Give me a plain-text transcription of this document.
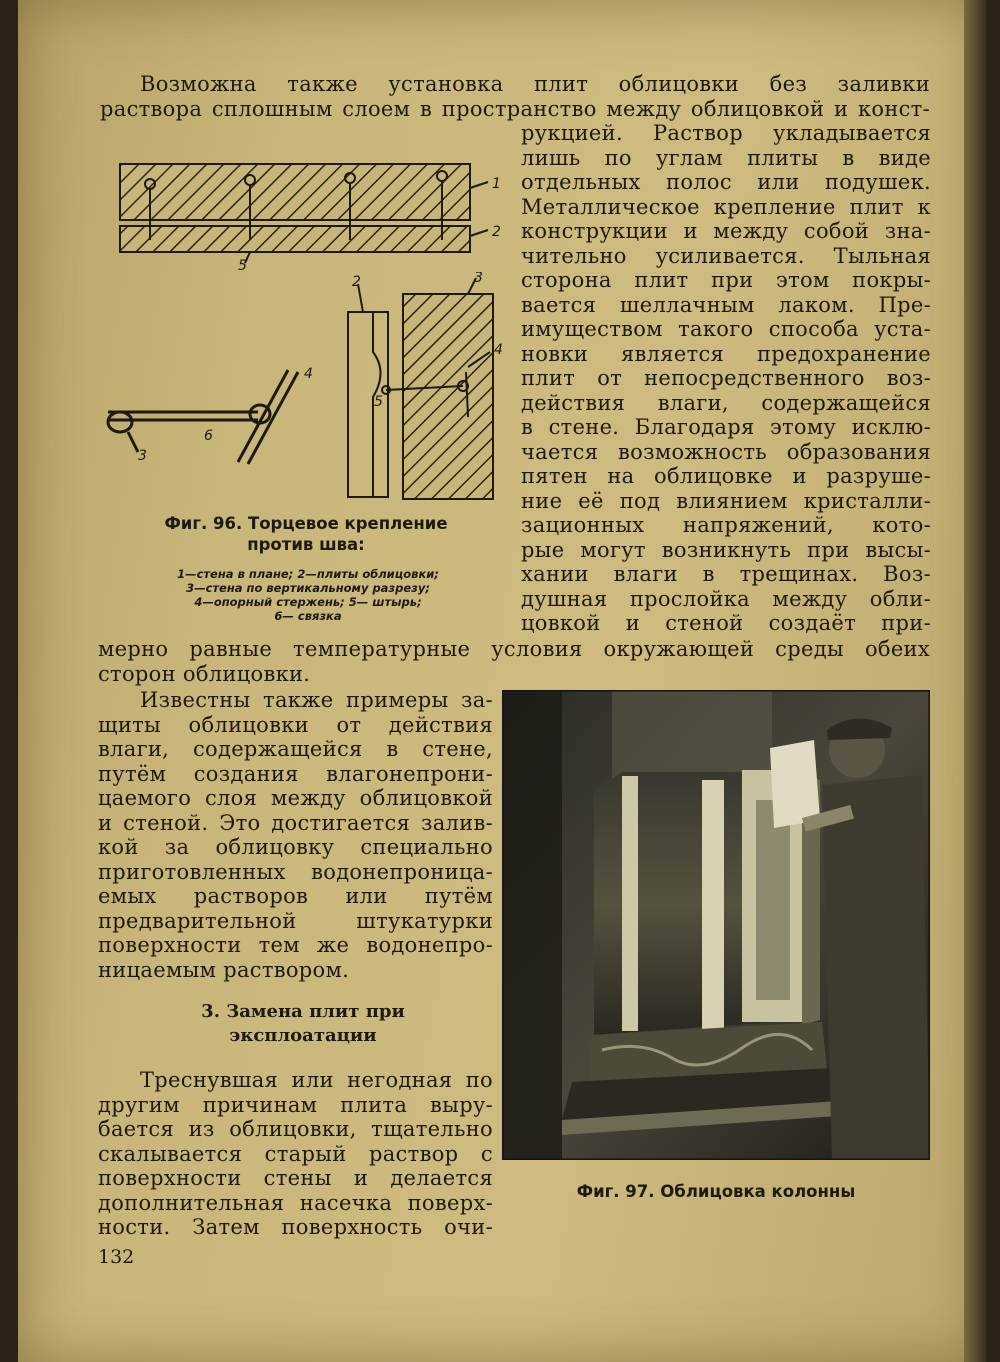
Возможна также установка плит облицовки без заливки
раствора сплошным слоем в пространство между облицовкой и конст-
1
2
5
2	3
4
5
4
6
3
Фиг. 96. Торцевое крепление
против шва:
1—стена в плане; 2—плиты облицовки;
3—стена по вертикальному разрезу;
4—опорный стержень; 5— штырь;
6— связка
рукцией. Раствор укладывается
лишь по углам плиты в виде
отдельных полос или подушек.
Металлическое крепление плит к
конструкции и между собой зна-
чительно усиливается. Тыльная
сторона плит при этом покры-
вается шеллачным лаком. Пре-
имуществом такого способа уста-
новки является предохранение
плит от непосредственного воз-
действия влаги, содержащейся
в стене. Благодаря этому исклю-
чается возможность образования
пятен на облицовке и разруше-
ние её под влиянием кристалли-
зационных напряжений, кото-
рые могут возникнуть при высы-
хании влаги в трещинах. Воз-
душная прослойка между обли-
цовкой и стеной создаёт при-
мерно равные температурные условия окружающей среды обеих
сторон облицовки.
Известны также примеры за-
щиты облицовки от действия
влаги, содержащейся в стене,
путём создания влагонепрони-
цаемого слоя между облицовкой
и стеной. Это достигается залив-
кой за облицовку специально
приготовленных водонепроница-
емых растворов или путём
предварительной штукатурки
поверхности тем же водонепро-
ницаемым раствором.
3. Замена плит при
эксплоатации
Треснувшая или негодная по
другим причинам плита выру-
бается из облицовки, тщательно
скалывается старый раствор с
поверхности стены и делается
дополнительная насечка поверх-
ности. Затем поверхность очи-
Фиг. 97. Облицовка колонны
132
